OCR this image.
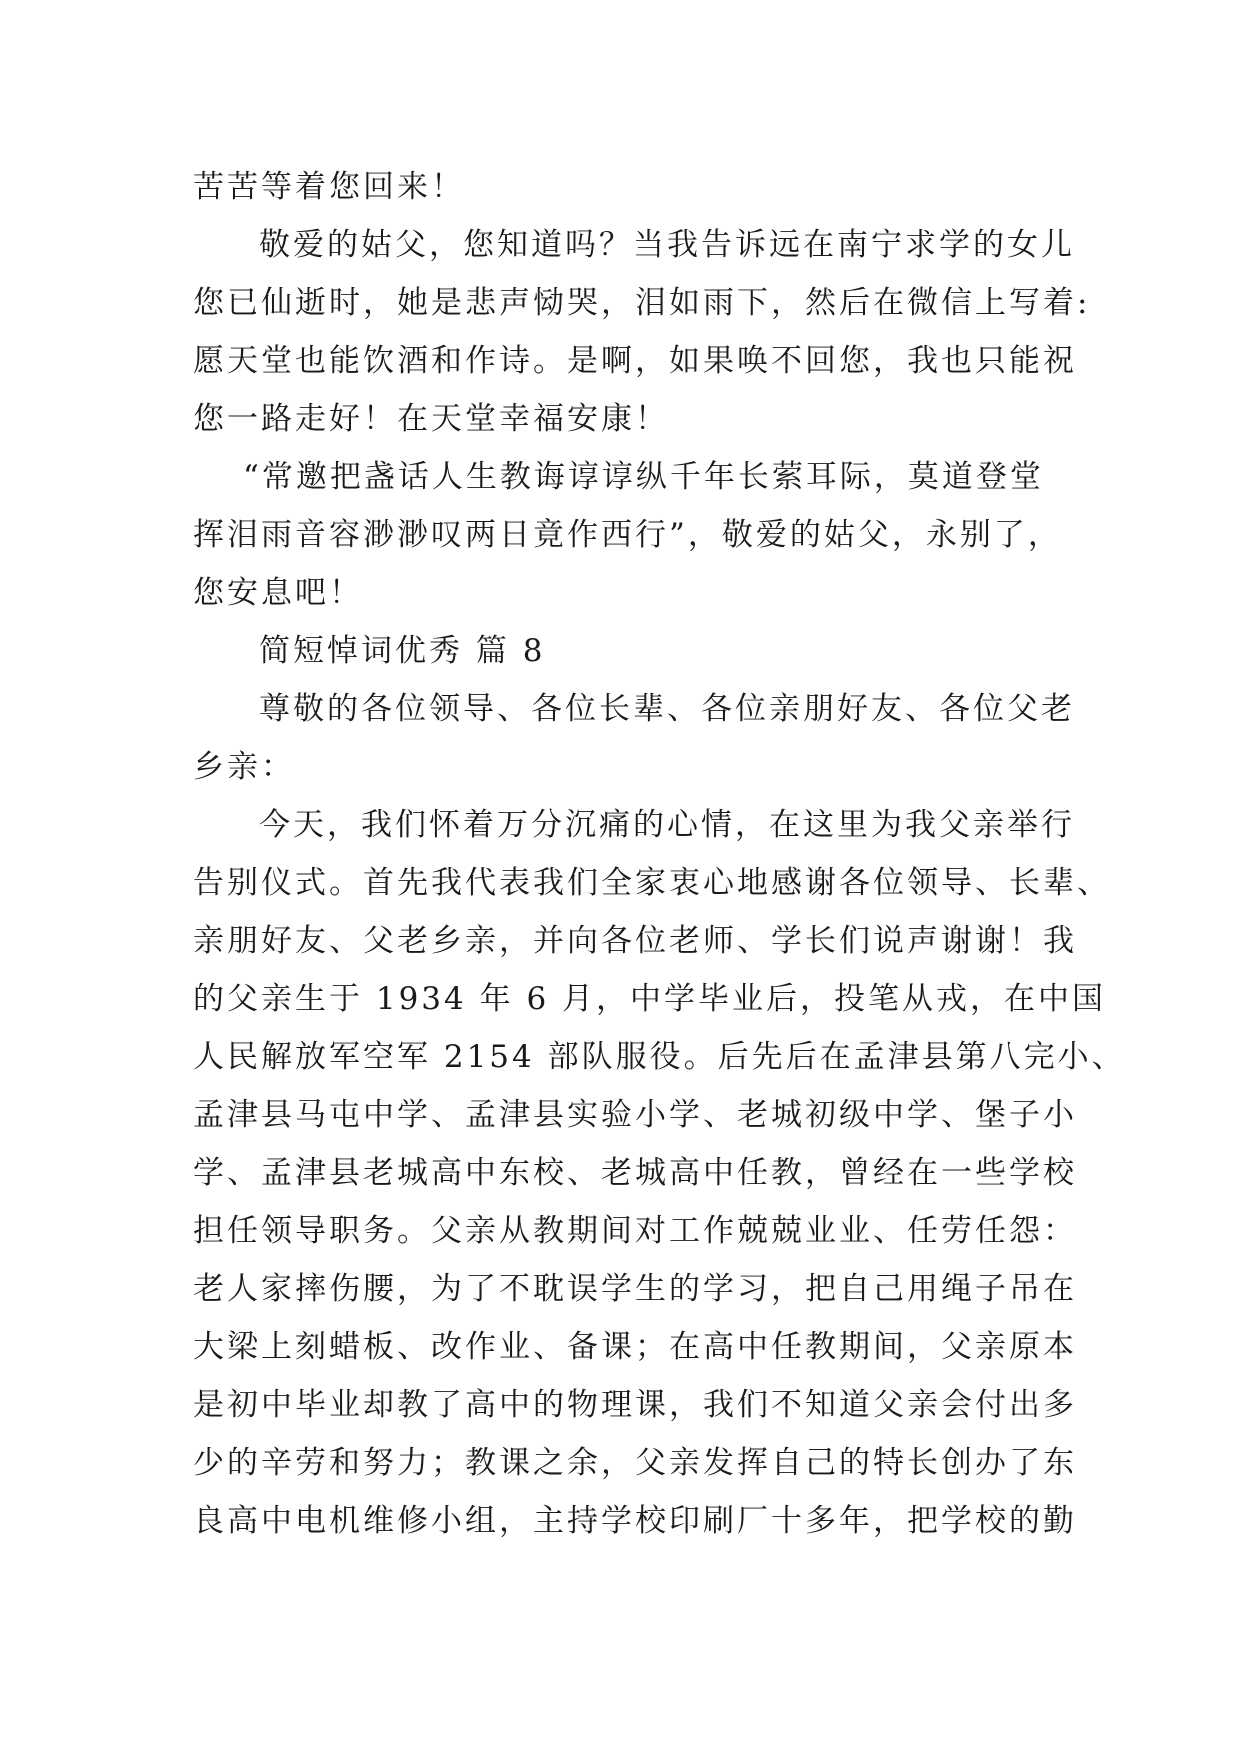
苦苦等着您回来！
敬爱的姑父，您知道吗？当我告诉远在南宁求学的女儿
您已仙逝时，她是悲声恸哭，泪如雨下，然后在微信上写着:
愿天堂也能饮酒和作诗。是啊，如果唤不回您，我也只能祝
您一路走好！在天堂幸福安康！
“常邀把盏话人生教诲谆谆纵千年长萦耳际，莫道登堂
挥泪雨音容渺渺叹两日竟作西行”，敬爱的姑父，永别了，
您安息吧！
简短悼词优秀 篇 8
尊敬的各位领导、各位长辈、各位亲朋好友、各位父老
乡亲：
今天，我们怀着万分沉痛的心情，在这里为我父亲举行
告别仪式。首先我代表我们全家衷心地感谢各位领导、长辈、
亲朋好友、父老乡亲，并向各位老师、学长们说声谢谢！我
的父亲生于 1934 年 6 月，中学毕业后，投笔从戎，在中国
人民解放军空军 2154 部队服役。后先后在孟津县第八完小、
孟津县马屯中学、孟津县实验小学、老城初级中学、堡子小
学、孟津县老城高中东校、老城高中任教，曾经在一些学校
担任领导职务。父亲从教期间对工作兢兢业业、任劳任怨：
老人家摔伤腰，为了不耽误学生的学习，把自己用绳子吊在
大梁上刻蜡板、改作业、备课；在高中任教期间，父亲原本
是初中毕业却教了高中的物理课，我们不知道父亲会付出多
少的辛劳和努力；教课之余，父亲发挥自己的特长创办了东
良高中电机维修小组，主持学校印刷厂十多年，把学校的勤
